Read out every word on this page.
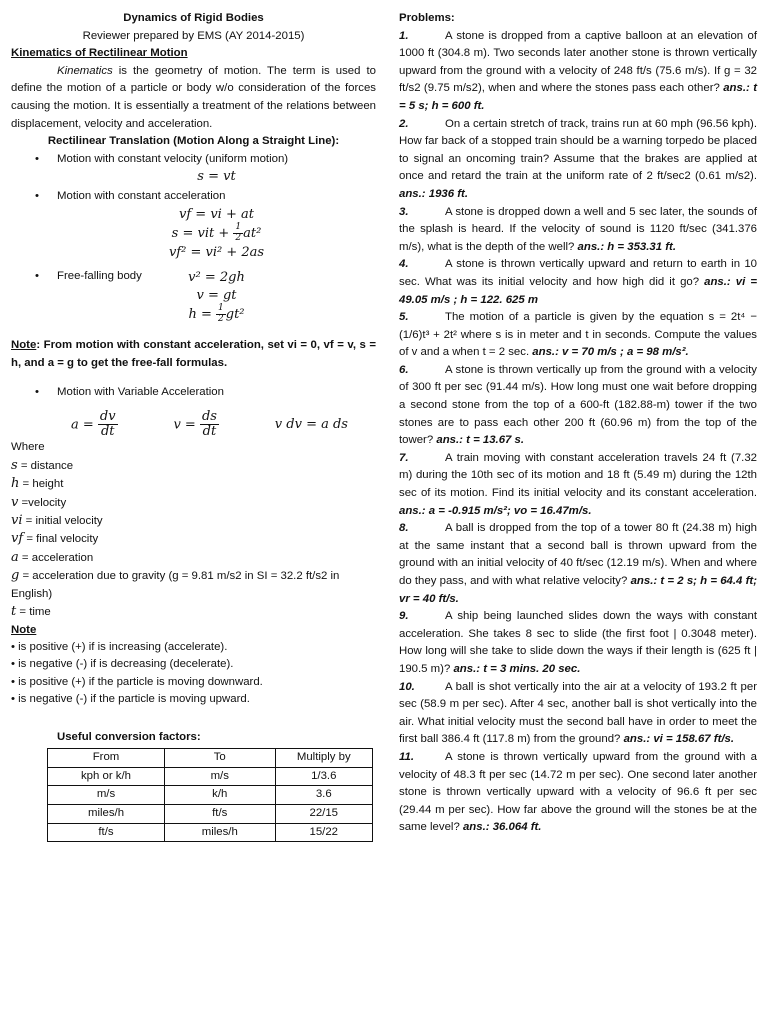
Dynamics of Rigid Bodies

Reviewer prepared by EMS (AY 2014-2015)

Kinematics of Rectilinear Motion

Kinematics is the geometry of motion. The term is used to define the motion of a particle or body w/o consideration of the forces causing the motion. It is essentially a treatment of the relations between displacement, velocity and acceleration.

Rectilinear Translation (Motion Along a Straight Line):

• Motion with constant velocity (uniform motion)
s = vt
• Motion with constant acceleration
vf = vi + at
s = vit + $\frac{1}{2} at^2$
vf² = vi² + 2as
• Free-falling body	v² = 2gh
v = gt
$h = \frac{1}{2} gt^2$

Note: From motion with constant acceleration, set vi = 0, vf = v, s = h, and a = g to get the free-fall formulas.

• Motion with Variable Acceleration
$a = \frac{dv}{dt}$	$v = \frac{ds}{dt}$	v dv = a ds

Where

s = distance

h = height

v =velocity

vi = initial velocity

vf = final velocity

a = acceleration

g = acceleration due to gravity (g = 9.81 m/s2 in SI = 32.2 ft/s2 in English)

t = time

Note

• is positive (+) if is increasing (accelerate).

• is negative (-) if is decreasing (decelerate).

• is positive (+) if the particle is moving downward.

• is negative (-) if the particle is moving upward.

Useful conversion factors:

From	To	Multiply by
kph or k/h	m/s	1/3.6
m/s	k/h	3.6
miles/h	ft/s	22/15
ft/s	miles/h	15/22

Problems:

1.	A stone is dropped from a captive balloon at an elevation of 1000 ft (304.8 m). Two seconds later another stone is thrown vertically upward from the ground with a velocity of 248 ft/s (75.6 m/s). If g = 32 ft/s2 (9.75 m/s2), when and where the stones pass each other? ans.: t = 5 s; h = 600 ft.

2.	On a certain stretch of track, trains run at 60 mph (96.56 kph). How far back of a stopped train should be a warning torpedo be placed to signal an oncoming train? Assume that the brakes are applied at once and retard the train at the uniform rate of 2 ft/sec2 (0.61 m/s2). ans.: 1936 ft.

3.	A stone is dropped down a well and 5 sec later, the sounds of the splash is heard. If the velocity of sound is 1120 ft/sec (341.376 m/s), what is the depth of the well? ans.: h = 353.31 ft.

4.	A stone is thrown vertically upward and return to earth in 10 sec. What was its initial velocity and how high did it go? ans.: vi = 49.05 m/s ; h = 122. 625 m

5.	The motion of a particle is given by the equation s = 2t⁴ − (1/6)t³ + 2t² where s is in meter and t in seconds. Compute the values of v and a when t = 2 sec. ans.: v = 70 m/s ; a = 98 m/s².

6.	A stone is thrown vertically up from the ground with a velocity of 300 ft per sec (91.44 m/s). How long must one wait before dropping a second stone from the top of a 600-ft (182.88-m) tower if the two stones are to pass each other 200 ft (60.96 m) from the top of the tower? ans.: t = 13.67 s.

7.	A train moving with constant acceleration travels 24 ft (7.32 m) during the 10th sec of its motion and 18 ft (5.49 m) during the 12th sec of its motion. Find its initial velocity and its constant acceleration. ans.: a = -0.915 m/s²; vo = 16.47m/s.

8.	A ball is dropped from the top of a tower 80 ft (24.38 m) high at the same instant that a second ball is thrown upward from the ground with an initial velocity of 40 ft/sec (12.19 m/s). When and where do they pass, and with what relative velocity? ans.: t = 2 s; h = 64.4 ft; vr = 40 ft/s.

9.	A ship being launched slides down the ways with constant acceleration. She takes 8 sec to slide (the first foot | 0.3048 meter). How long will she take to slide down the ways if their length is (625 ft | 190.5 m)? ans.: t = 3 mins. 20 sec.

10.	A ball is shot vertically into the air at a velocity of 193.2 ft per sec (58.9 m per sec). After 4 sec, another ball is shot vertically into the air. What initial velocity must the second ball have in order to meet the first ball 386.4 ft (117.8 m) from the ground? ans.: vi = 158.67 ft/s.

11.	A stone is thrown vertically upward from the ground with a velocity of 48.3 ft per sec (14.72 m per sec). One second later another stone is thrown vertically upward with a velocity of 96.6 ft per sec (29.44 m per sec). How far above the ground will the stones be at the same level? ans.: 36.064 ft.
